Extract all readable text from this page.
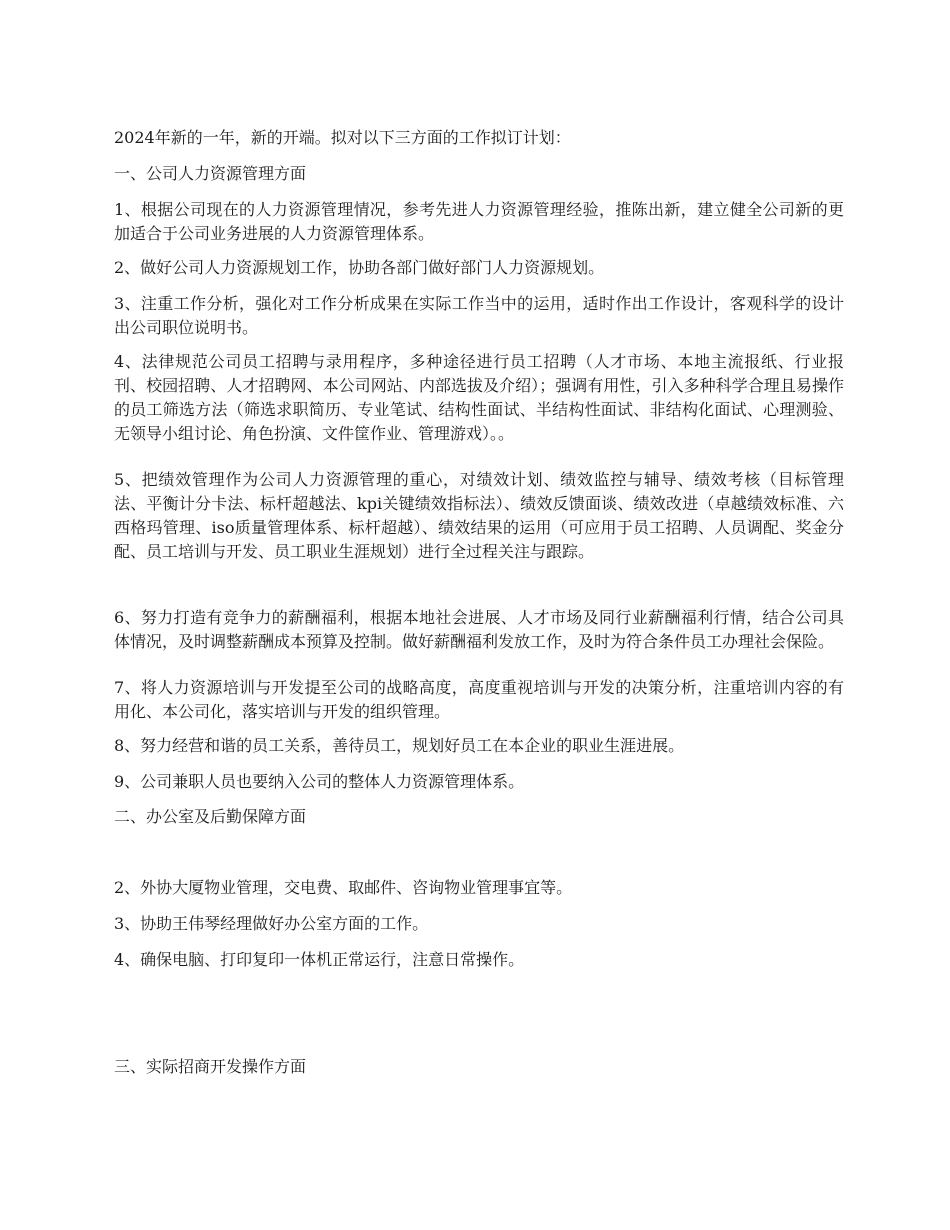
2024年新的一年，新的开端。拟对以下三方面的工作拟订计划：

一、公司人力资源管理方面

1、根据公司现在的人力资源管理情况，参考先进人力资源管理经验，推陈出新，建立健全公司新的更加适合于公司业务进展的人力资源管理体系。

2、做好公司人力资源规划工作，协助各部门做好部门人力资源规划。

3、注重工作分析，强化对工作分析成果在实际工作当中的运用，适时作出工作设计，客观科学的设计出公司职位说明书。

4、法律规范公司员工招聘与录用程序，多种途径进行员工招聘（人才市场、本地主流报纸、行业报刊、校园招聘、人才招聘网、本公司网站、内部选拔及介绍）；强调有用性，引入多种科学合理且易操作的员工筛选方法（筛选求职简历、专业笔试、结构性面试、半结构性面试、非结构化面试、心理测验、无领导小组讨论、角色扮演、文件筐作业、管理游戏）。。

5、把绩效管理作为公司人力资源管理的重心，对绩效计划、绩效监控与辅导、绩效考核（目标管理法、平衡计分卡法、标杆超越法、kpi关键绩效指标法）、绩效反馈面谈、绩效改进（卓越绩效标准、六西格玛管理、iso质量管理体系、标杆超越）、绩效结果的运用（可应用于员工招聘、人员调配、奖金分配、员工培训与开发、员工职业生涯规划）进行全过程关注与跟踪。

6、努力打造有竞争力的薪酬福利，根据本地社会进展、人才市场及同行业薪酬福利行情，结合公司具体情况，及时调整薪酬成本预算及控制。做好薪酬福利发放工作，及时为符合条件员工办理社会保险。

7、将人力资源培训与开发提至公司的战略高度，高度重视培训与开发的决策分析，注重培训内容的有用化、本公司化，落实培训与开发的组织管理。

8、努力经营和谐的员工关系，善待员工，规划好员工在本企业的职业生涯进展。

9、公司兼职人员也要纳入公司的整体人力资源管理体系。

二、办公室及后勤保障方面

2、外协大厦物业管理，交电费、取邮件、咨询物业管理事宜等。

3、协助王伟琴经理做好办公室方面的工作。

4、确保电脑、打印复印一体机正常运行，注意日常操作。

三、实际招商开发操作方面
